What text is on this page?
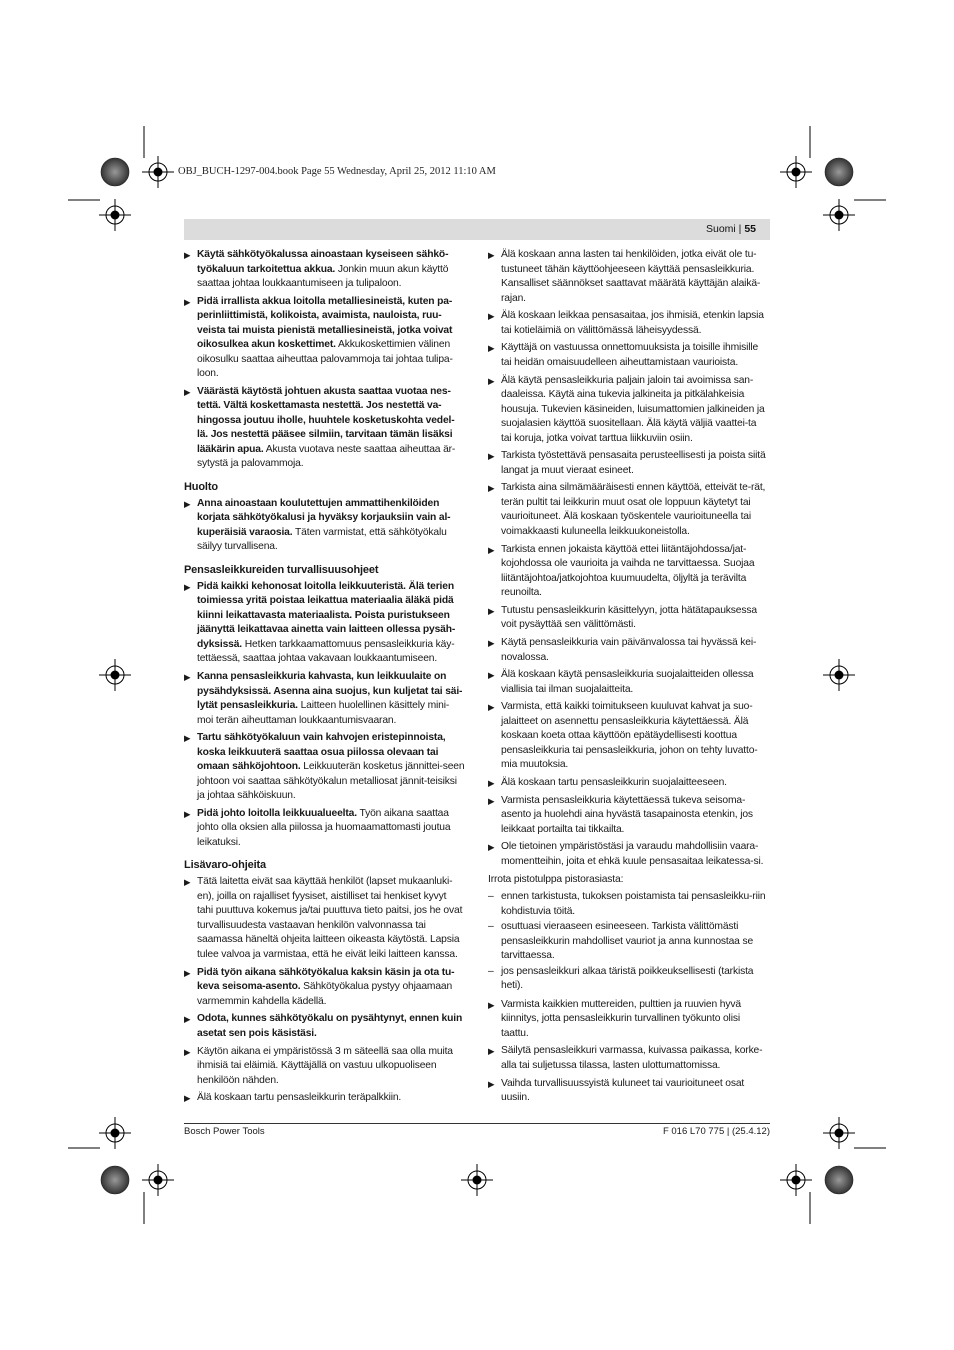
OBJ_BUCH-1297-004.book Page 55 Wednesday, April 25, 2012 11:10 AM
Suomi | 55
▶ Käytä sähkötyökalussa ainoastaan kyseiseen sähkö-työkaluun tarkoitettua akkua. Jonkin muun akun käyttö saattaa johtaa loukkaantumiseen ja tulipaloon.
▶ Pidä irrallista akkua loitolla metalliesineistä, kuten pa-perinliittimistä, kolikoista, avaimista, nauloista, ruu-veista tai muista pienistä metalliesineistä, jotka voivat oikosulkea akun koskettimet. Akkukoskettimien välinen oikosulku saattaa aiheuttaa palovammoja tai johtaa tulipa-loon.
▶ Väärästä käytöstä johtuen akusta saattaa vuotaa nes-tettä. Vältä koskettamasta nestettä. Jos nestettä va-hingossa joutuu iholle, huuhtele kosketuskohta vedel-lä. Jos nestettä pääsee silmiin, tarvitaan tämän lisäksi lääkärin apua. Akusta vuotava neste saattaa aiheuttaa är-sytystä ja palovammoja.
Huolto
▶ Anna ainoastaan koulutettujen ammattihenkilöiden korjata sähkötyökalusi ja hyväksy korjauksiin vain al-kuperäisiä varaosia. Täten varmistat, että sähkötyökalu säilyy turvallisena.
Pensasleikkureiden turvallisuusohjeet
▶ Pidä kaikki kehonosat loitolla leikkuuteristä. Älä terien toimiessa yritä poistaa leikattua materiaalia äläkä pidä kiinni leikattavasta materiaalista. Poista puristukseen jäänyttä leikattavaa ainetta vain laitteen ollessa pysäh-dyksissä. Hetken tarkkaamattomuus pensasleikkuria käy-tettäessä, saattaa johtaa vakavaan loukkaantumiseen.
▶ Kanna pensasleikkuria kahvasta, kun leikkuulaite on pysähdyksissä. Asenna aina suojus, kun kuljetat tai säi-lytät pensasleikkuria. Laitteen huolellinen käsittely mini-moi terän aiheuttaman loukkaantumisvaaran.
▶ Tartu sähkötyökaluun vain kahvojen eristepinnoista, koska leikkuuterä saattaa osua piilossa olevaan tai omaan sähköjohtoon. Leikkuuterän kosketus jännittei-seen johtoon voi saattaa sähkötyökalun metalliosat jännit-teisiksi ja johtaa sähköiskuun.
▶ Pidä johto loitolla leikkuualueelta. Työn aikana saattaa johto olla oksien alla piilossa ja huomaamattomasti joutua leikatuksi.
Lisävaro-ohjeita
▶ Tätä laitetta eivät saa käyttää henkilöt (lapset mukaanluki-en), joilla on rajalliset fyysiset, aistilliset tai henkiset kyvyt tahi puuttuva kokemus ja/tai puuttuva tieto paitsi, jos he ovat turvallisuudesta vastaavan henkilön valvonnassa tai saamassa häneltä ohjeita laitteen oikeasta käytöstä. Lapsia tulee valvoa ja varmistaa, että he eivät leiki laitteen kanssa.
▶ Pidä työn aikana sähkötyökalua kaksin käsin ja ota tu-keva seisoma-asento. Sähkötyökalua pystyy ohjaamaan varmemmin kahdella kädellä.
▶ Odota, kunnes sähkötyökalu on pysähtynyt, ennen kuin asetat sen pois käsistäsi.
▶ Käytön aikana ei ympäristössä 3 m säteellä saa olla muita ihmisiä tai eläimiä. Käyttäjällä on vastuu ulkopuoliseen henkilöön nähden.
▶ Älä koskaan tartu pensasleikkurin teräpalkkiin.
▶ Älä koskaan anna lasten tai henkilöiden, jotka eivät ole tu-tustuneet tähän käyttöohjeeseen käyttää pensasleikkuria. Kansalliset säännökset saattavat määrätä käyttäjän alaikä-rajan.
▶ Älä koskaan leikkaa pensasaitaa, jos ihmisiä, etenkin lapsia tai kotieläimiä on välittömässä läheisyydessä.
▶ Käyttäjä on vastuussa onnettomuuksista ja toisille ihmisille tai heidän omaisuudelleen aiheuttamistaan vaurioista.
▶ Älä käytä pensasleikkuria paljain jaloin tai avoimissa san-daaleissa. Käytä aina tukevia jalkineita ja pitkälahkeisia housuja. Tukevien käsineiden, luisumattomien jalkineiden ja suojalasien käyttöä suositellaan. Älä käytä väljiä vaattei-ta tai koruja, jotka voivat tarttua liikkuviin osiin.
▶ Tarkista työstettävä pensasaita perusteellisesti ja poista siitä langat ja muut vieraat esineet.
▶ Tarkista aina silmämääräisesti ennen käyttöä, etteivät te-rät, terän pultit tai leikkurin muut osat ole loppuun käytetyt tai vaurioituneet. Älä koskaan työskentele vaurioituneella tai voimakkaasti kuluneella leikkuukoneistolla.
▶ Tarkista ennen jokaista käyttöä ettei liitäntäjohdossa/jat-kojohdossa ole vaurioita ja vaihda ne tarvittaessa. Suojaa liitäntäjohtoa/jatkojohtoa kuumuudelta, öljyltä ja terävilta reunoilta.
▶ Tutustu pensasleikkurin käsittelyyn, jotta hätätapauksessa voit pysäyttää sen välittömästi.
▶ Käytä pensasleikkuria vain päivänvalossa tai hyvässä kei-novalossa.
▶ Älä koskaan käytä pensasleikkuria suojalaitteiden ollessa viallisia tai ilman suojalaitteita.
▶ Varmista, että kaikki toimitukseen kuuluvat kahvat ja suo-jalaitteet on asennettu pensasleikkuria käytettäessä. Älä koskaan koeta ottaa käyttöön epätäydellisesti koottua pensasleikkuria tai pensasleikkuria, johon on tehty luvatto-mia muutoksia.
▶ Älä koskaan tartu pensasleikkurin suojalaitteeseen.
▶ Varmista pensasleikkuria käytettäessä tukeva seisoma-asento ja huolehdi aina hyvästä tasapainosta etenkin, jos leikkaat portailta tai tikkailta.
▶ Ole tietoinen ympäristöstäsi ja varaudu mahdollisiin vaara-momentteihin, joita et ehkä kuule pensasaitaa leikatessa-si.
Irrota pistotulppa pistorasiasta:
– ennen tarkistusta, tukoksen poistamista tai pensasleikku-riin kohdistuvia töitä.
– osuttuasi vieraaseen esineeseen. Tarkista välittömästi pensasleikkurin mahdolliset vauriot ja anna kunnostaa se tarvittaessa.
– jos pensasleikkuri alkaa täristä poikkeuksellisesti (tarkista heti).
▶ Varmista kaikkien muttereiden, pulttien ja ruuvien hyvä kiinnitys, jotta pensasleikkurin turvallinen työkunto olisi taattu.
▶ Säilytä pensasleikkuri varmassa, kuivassa paikassa, korke-alla tai suljetussa tilassa, lasten ulottumattomissa.
▶ Vaihda turvallisuussyistä kuluneet tai vaurioituneet osat uusiin.
Bosch Power Tools	F 016 L70 775 | (25.4.12)
